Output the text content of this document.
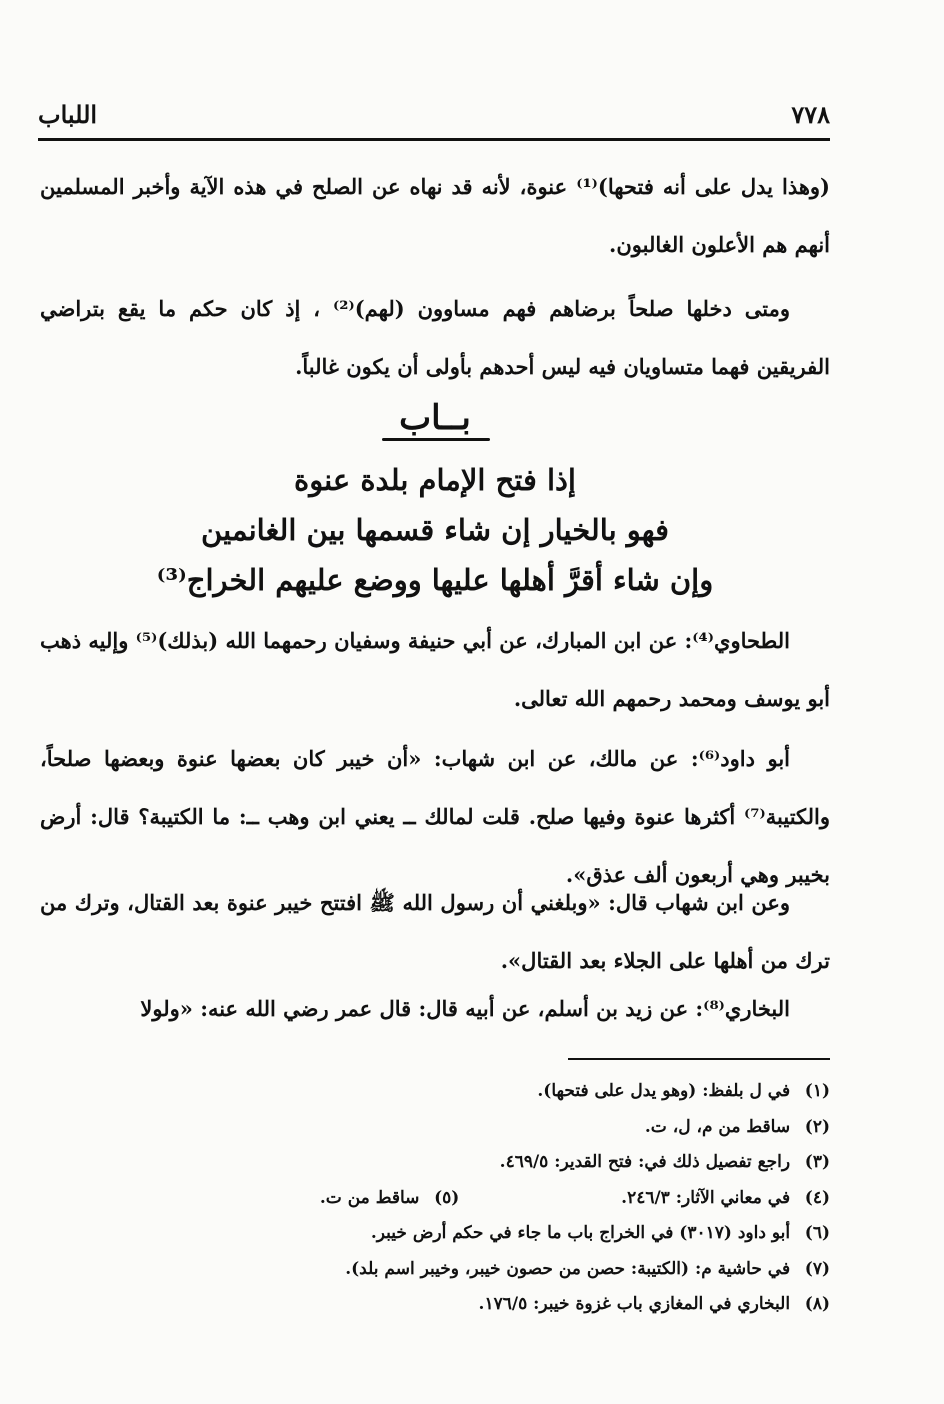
٧٧٨
اللباب

(وهذا يدل على أنه فتحها)⁽¹⁾ عنوة، لأنه قد نهاه عن الصلح في هذه الآية وأخبر المسلمين أنهم هم الأعلون الغالبون.

ومتى دخلها صلحاً برضاهم فهم مساوون (لهم)⁽²⁾ ، إذ كان حكم ما يقع بتراضي الفريقين فهما متساويان فيه ليس أحدهم بأولى أن يكون غالباً.

بــاب
إذا فتح الإمام بلدة عنوة
فهو بالخيار إن شاء قسمها بين الغانمين
وإن شاء أقرَّ أهلها عليها ووضع عليهم الخراج⁽³⁾

الطحاوي⁽⁴⁾: عن ابن المبارك، عن أبي حنيفة وسفيان رحمهما الله (بذلك)⁽⁵⁾ وإليه ذهب أبو يوسف ومحمد رحمهم الله تعالى.

أبو داود⁽⁶⁾: عن مالك، عن ابن شهاب: «أن خيبر كان بعضها عنوة وبعضها صلحاً، والكتيبة⁽⁷⁾ أكثرها عنوة وفيها صلح. قلت لمالك ــ يعني ابن وهب ــ: ما الكتيبة؟ قال: أرض بخيبر وهي أربعون ألف عذق».

وعن ابن شهاب قال: «وبلغني أن رسول الله ﷺ افتتح خيبر عنوة بعد القتال، وترك من ترك من أهلها على الجلاء بعد القتال».

البخاري⁽⁸⁾: عن زيد بن أسلم، عن أبيه قال: قال عمر رضي الله عنه: «ولولا

(١) في ل بلفظ: (وهو يدل على فتحها).
(٢) ساقط من م، ل، ت.
(٣) راجع تفصيل ذلك في: فتح القدير: ٤٦٩/٥.
(٤) في معاني الآثار: ٢٤٦/٣.  (٥) ساقط من ت.
(٦) أبو داود (٣٠١٧) في الخراج باب ما جاء في حكم أرض خيبر.
(٧) في حاشية م: (الكتيبة: حصن من حصون خيبر، وخيبر اسم بلد).
(٨) البخاري في المغازي باب غزوة خيبر: ١٧٦/٥.
